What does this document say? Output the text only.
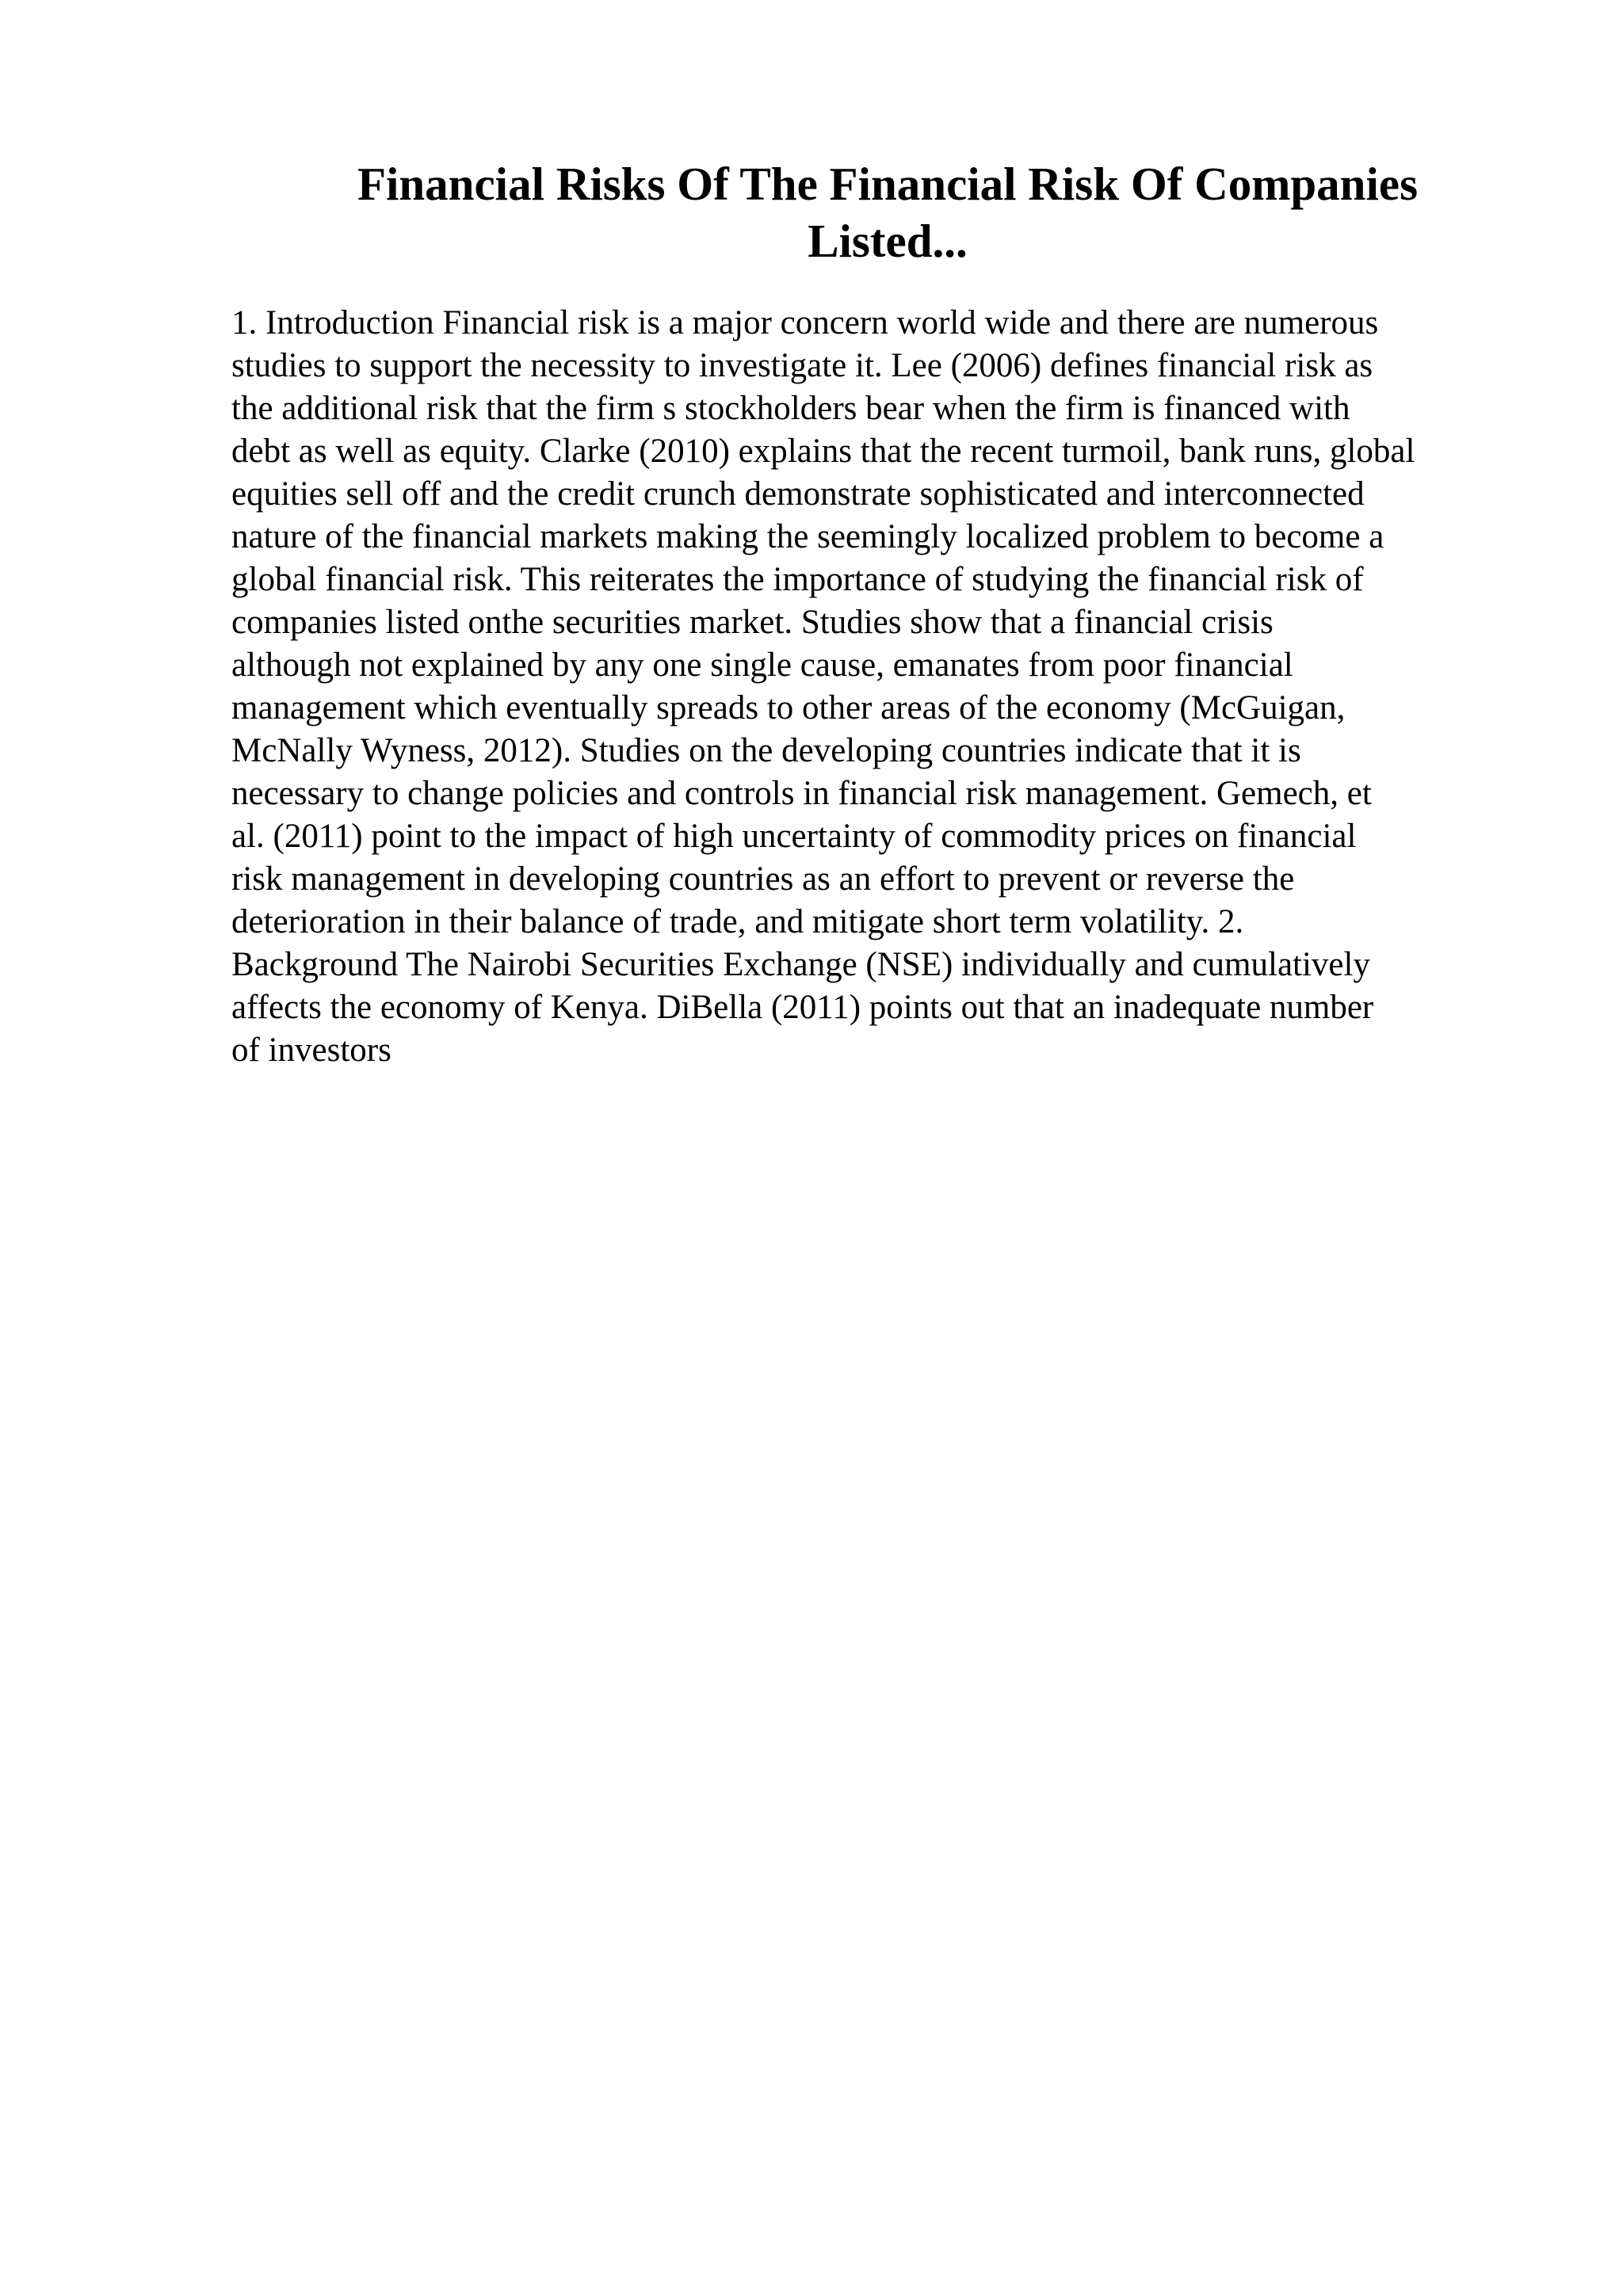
Financial Risks Of The Financial Risk Of Companies
Listed...
1. Introduction Financial risk is a major concern world wide and there are numerous
studies to support the necessity to investigate it. Lee (2006) defines financial risk as
the additional risk that the firm s stockholders bear when the firm is financed with
debt as well as equity. Clarke (2010) explains that the recent turmoil, bank runs, global
equities sell off and the credit crunch demonstrate sophisticated and interconnected
nature of the financial markets making the seemingly localized problem to become a
global financial risk. This reiterates the importance of studying the financial risk of
companies listed onthe securities market. Studies show that a financial crisis
although not explained by any one single cause, emanates from poor financial
management which eventually spreads to other areas of the economy (McGuigan,
McNally Wyness, 2012). Studies on the developing countries indicate that it is
necessary to change policies and controls in financial risk management. Gemech, et
al. (2011) point to the impact of high uncertainty of commodity prices on financial
risk management in developing countries as an effort to prevent or reverse the
deterioration in their balance of trade, and mitigate short term volatility. 2.
Background The Nairobi Securities Exchange (NSE) individually and cumulatively
affects the economy of Kenya. DiBella (2011) points out that an inadequate number
of investors
